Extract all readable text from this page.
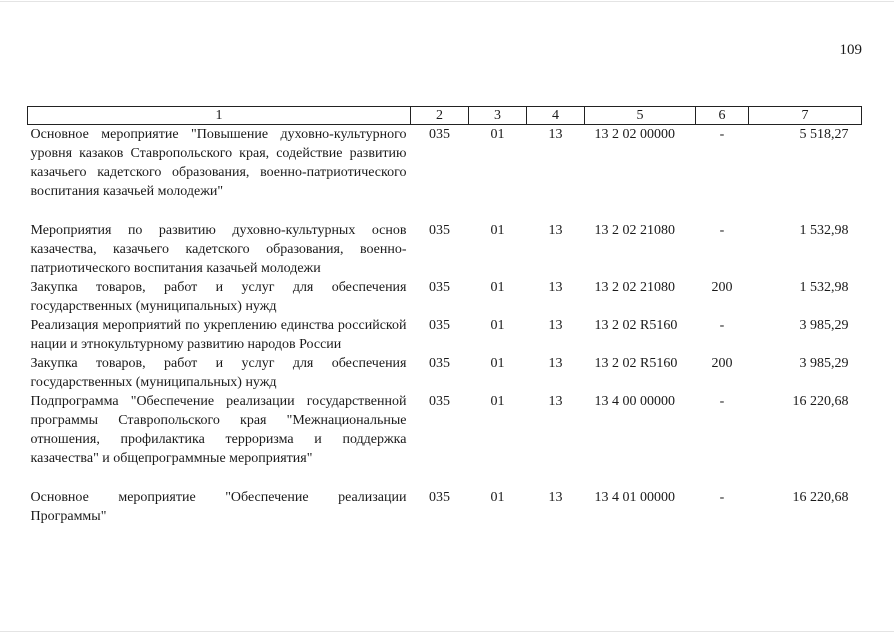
109
1	2	3	4	5	6	7
Основное мероприятие "Повышение духовно-культурного уровня казаков Ставропольского края, содействие развитию казачьего кадетского образования, военно-патриотического воспитания казачьей молодежи"	035	01	13	13 2 02 00000	-	5 518,27
Мероприятия по развитию духовно-культурных основ казачества, казачьего кадетского образования, военно-патриотического воспитания казачьей молодежи	035	01	13	13 2 02 21080	-	1 532,98
Закупка товаров, работ и услуг для обеспечения государственных (муниципальных) нужд	035	01	13	13 2 02 21080	200	1 532,98
Реализация мероприятий по укреплению единства российской нации и этнокультурному развитию народов России	035	01	13	13 2 02 R5160	-	3 985,29
Закупка товаров, работ и услуг для обеспечения государственных (муниципальных) нужд	035	01	13	13 2 02 R5160	200	3 985,29
Подпрограмма "Обеспечение реализации государственной программы Ставропольского края "Межнациональные отношения, профилактика терроризма и поддержка казачества" и общепрограммные мероприятия"	035	01	13	13 4 00 00000	-	16 220,68
Основное мероприятие "Обеспечение реализации Программы"	035	01	13	13 4 01 00000	-	16 220,68
